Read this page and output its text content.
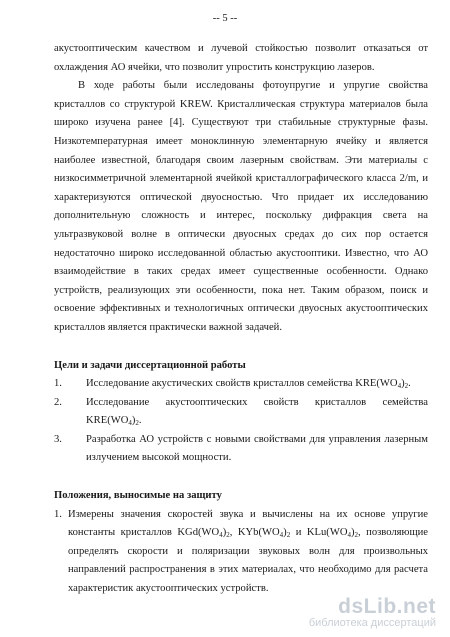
-- 5 --

акустооптическим качеством и лучевой стойкостью позволит отказаться от охлаждения АО ячейки, что позволит упростить конструкцию лазеров.

В ходе работы были исследованы фотоупругие и упругие свойства кристаллов со структурой KREW. Кристаллическая структура материалов была широко изучена ранее [4]. Существуют три стабильные структурные фазы. Низкотемпературная имеет моноклинную элементарную ячейку и является наиболее известной, благодаря своим лазерным свойствам. Эти материалы с низкосимметричной элементарной ячейкой кристаллографического класса 2/m, и характеризуются оптической двуосностью. Что придает их исследованию дополнительную сложность и интерес, поскольку дифракция света на ультразвуковой волне в оптически двуосных средах до сих пор остается недостаточно широко исследованной областью акустооптики. Известно, что АО взаимодействие в таких средах имеет существенные особенности. Однако устройств, реализующих эти особенности, пока нет. Таким образом, поиск и освоение эффективных и технологичных оптически двуосных акустооптических кристаллов является практически важной задачей.

Цели и задачи диссертационной работы

1.	Исследование акустических свойств кристаллов семейства $KRE(WO_4)_2$.
2.	Исследование акустооптических свойств кристаллов семейства $KRE(WO_4)_2$.
3.	Разработка АО устройств с новыми свойствами для управления лазерным излучением высокой мощности.

Положения, выносимые на защиту

1. Измерены значения скоростей звука и вычислены на их основе упругие константы кристаллов $KGd(WO_4)_2$, $KYb(WO_4)_2$ и $KLu(WO_4)_2$, позволяющие определять скорости и поляризации звуковых волн для произвольных направлений распространения в этих материалах, что необходимо для расчета характеристик акустооптических устройств.
dsLib.net
библиотека диссертаций
